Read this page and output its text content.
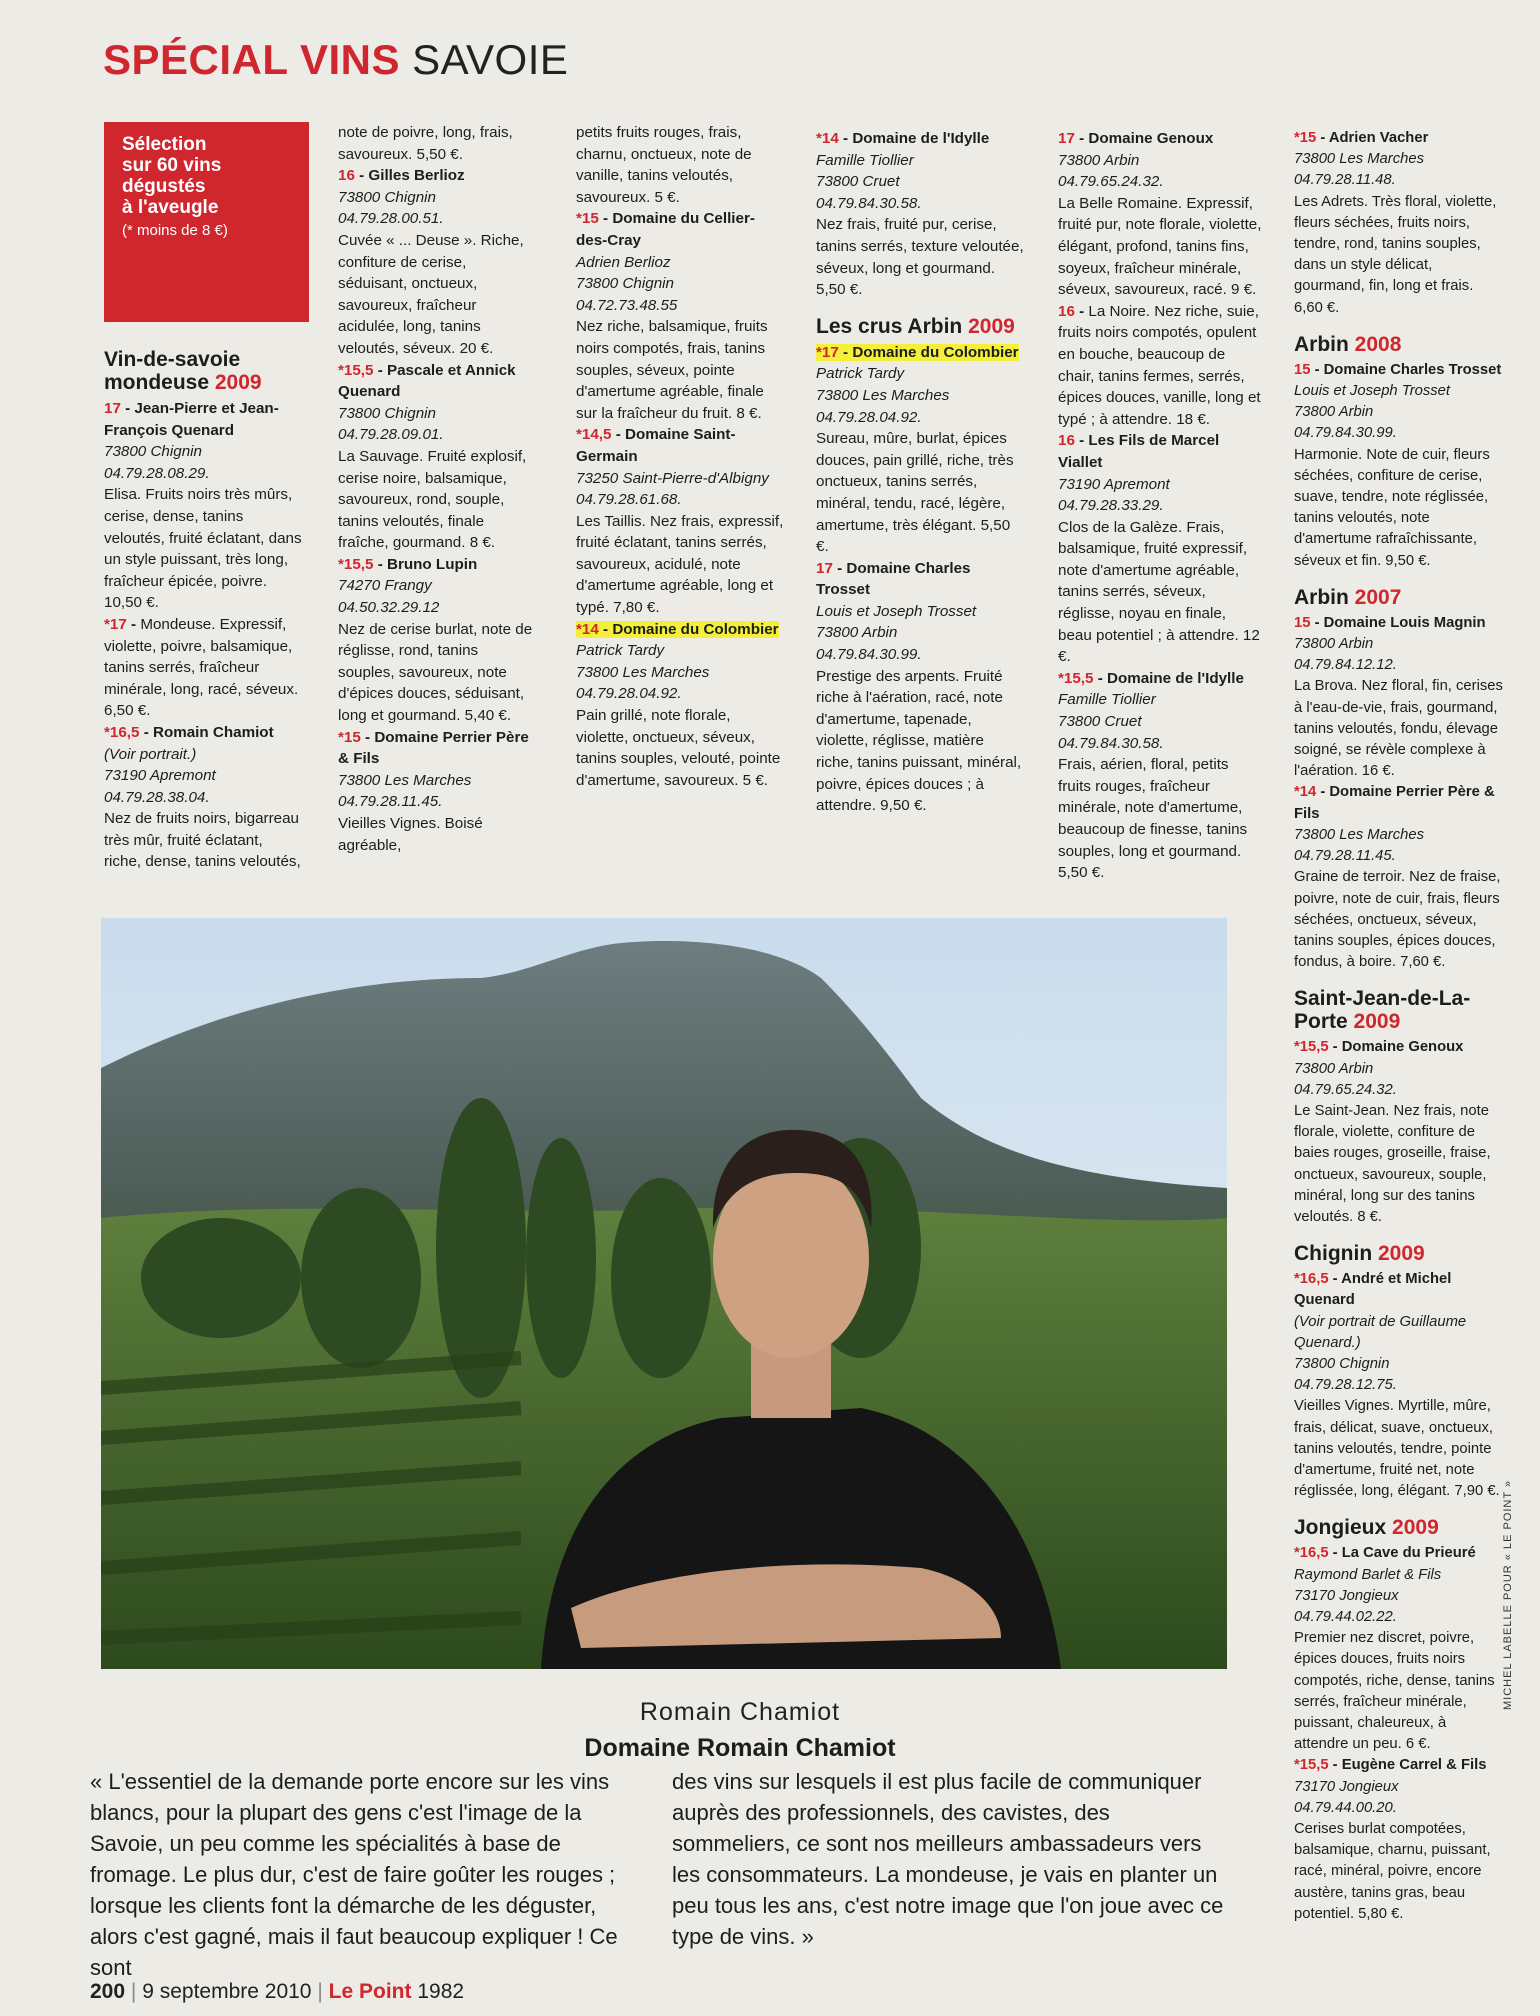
SPÉCIAL VINS SAVOIE
Sélection
sur 60 vins
dégustés
à l'aveugle
(* moins de 8 €)
Vin-de-savoie mondeuse 2009
17 - Jean-Pierre et Jean-François Quenard
73800 Chignin
04.79.28.08.29.
Elisa. Fruits noirs très mûrs, cerise, dense, tanins veloutés, fruité éclatant, dans un style puissant, très long, fraîcheur épicée, poivre. 10,50 €.
*17 - Mondeuse. Expressif, violette, poivre, balsamique, tanins serrés, fraîcheur minérale, long, racé, séveux. 6,50 €.
*16,5 - Romain Chamiot
(Voir portrait.)
73190 Apremont
04.79.28.38.04.
Nez de fruits noirs, bigarreau très mûr, fruité éclatant, riche, dense, tanins veloutés,

note de poivre, long, frais, savoureux. 5,50 €.

16 - Gilles Berlioz
73800 Chignin
04.79.28.00.51.
Cuvée « ... Deuse ». Riche, confiture de cerise, séduisant, onctueux, savoureux, fraîcheur acidulée, long, tanins veloutés, séveux. 20 €.
*15,5 - Pascale et Annick Quenard
73800 Chignin
04.79.28.09.01.
La Sauvage. Fruité explosif, cerise noire, balsamique, savoureux, rond, souple, tanins veloutés, finale fraîche, gourmand. 8 €.
*15,5 - Bruno Lupin
74270 Frangy
04.50.32.29.12
Nez de cerise burlat, note de réglisse, rond, tanins souples, savoureux, note d'épices douces, séduisant, long et gourmand. 5,40 €.
*15 - Domaine Perrier Père & Fils
73800 Les Marches
04.79.28.11.45.
Vieilles Vignes. Boisé agréable,

petits fruits rouges, frais, charnu, onctueux, note de vanille, tanins veloutés, savoureux. 5 €.

*15 - Domaine du Cellier-des-Cray
Adrien Berlioz
73800 Chignin
04.72.73.48.55
Nez riche, balsamique, fruits noirs compotés, frais, tanins souples, séveux, pointe d'amertume agréable, finale sur la fraîcheur du fruit. 8 €.
*14,5 - Domaine Saint-Germain
73250 Saint-Pierre-d'Albigny
04.79.28.61.68.
Les Taillis. Nez frais, expressif, fruité éclatant, tanins serrés, savoureux, acidulé, note d'amertume agréable, long et typé. 7,80 €.
*14 - Domaine du Colombier
Patrick Tardy
73800 Les Marches
04.79.28.04.92.
Pain grillé, note florale, violette, onctueux, séveux, tanins souples, velouté, pointe d'amertume, savoureux. 5 €.
*14 - Domaine de l'Idylle
Famille Tiollier
73800 Cruet
04.79.84.30.58.
Nez frais, fruité pur, cerise, tanins serrés, texture veloutée, séveux, long et gourmand. 5,50 €.
Les crus Arbin 2009
*17 - Domaine du Colombier
Patrick Tardy
73800 Les Marches
04.79.28.04.92.
Sureau, mûre, burlat, épices douces, pain grillé, riche, très onctueux, tanins serrés, minéral, tendu, racé, légère, amertume, très élégant. 5,50 €.
17 - Domaine Charles Trosset
Louis et Joseph Trosset
73800 Arbin
04.79.84.30.99.
Prestige des arpents. Fruité riche à l'aération, racé, note d'amertume, tapenade, violette, réglisse, matière riche, tanins puissant, minéral, poivre, épices douces ; à attendre. 9,50 €.
17 - Domaine Genoux
73800 Arbin
04.79.65.24.32.
La Belle Romaine. Expressif, fruité pur, note florale, violette, élégant, profond, tanins fins, soyeux, fraîcheur minérale, séveux, savoureux, racé. 9 €.
16 - La Noire. Nez riche, suie, fruits noirs compotés, opulent en bouche, beaucoup de chair, tanins fermes, serrés, épices douces, vanille, long et typé ; à attendre. 18 €.
16 - Les Fils de Marcel Viallet
73190 Apremont
04.79.28.33.29.
Clos de la Galèze. Frais, balsamique, fruité expressif, note d'amertume agréable, tanins serrés, séveux, réglisse, noyau en finale, beau potentiel ; à attendre. 12 €.
*15,5 - Domaine de l'Idylle
Famille Tiollier
73800 Cruet
04.79.84.30.58.
Frais, aérien, floral, petits fruits rouges, fraîcheur minérale, note d'amertume, beaucoup de finesse, tanins souples, long et gourmand. 5,50 €.
*15 - Adrien Vacher
73800 Les Marches
04.79.28.11.48.
Les Adrets. Très floral, violette, fleurs séchées, fruits noirs, tendre, rond, tanins souples, dans un style délicat, gourmand, fin, long et frais. 6,60 €.
Arbin 2008
15 - Domaine Charles Trosset
Louis et Joseph Trosset
73800 Arbin
04.79.84.30.99.
Harmonie. Note de cuir, fleurs séchées, confiture de cerise, suave, tendre, note réglissée, tanins veloutés, note d'amertume rafraîchissante, séveux et fin. 9,50 €.
Arbin 2007
15 - Domaine Louis Magnin
73800 Arbin
04.79.84.12.12.
La Brova. Nez floral, fin, cerises à l'eau-de-vie, frais, gourmand, tanins veloutés, fondu, élevage soigné, se révèle complexe à l'aération. 16 €.
*14 - Domaine Perrier Père & Fils
73800 Les Marches
04.79.28.11.45.
Graine de terroir. Nez de fraise, poivre, note de cuir, frais, fleurs séchées, onctueux, séveux, tanins souples, épices douces, fondus, à boire. 7,60 €.
Saint-Jean-de-La-Porte 2009
*15,5 - Domaine Genoux
73800 Arbin
04.79.65.24.32.
Le Saint-Jean. Nez frais, note florale, violette, confiture de baies rouges, groseille, fraise, onctueux, savoureux, souple, minéral, long sur des tanins veloutés. 8 €.
Chignin 2009
*16,5 - André et Michel Quenard
(Voir portrait de Guillaume Quenard.)
73800 Chignin
04.79.28.12.75.
Vieilles Vignes. Myrtille, mûre, frais, délicat, suave, onctueux, tanins veloutés, tendre, pointe d'amertume, fruité net, note réglissée, long, élégant. 7,90 €.
Jongieux 2009
*16,5 - La Cave du Prieuré
Raymond Barlet & Fils
73170 Jongieux
04.79.44.02.22.
Premier nez discret, poivre, épices douces, fruits noirs compotés, riche, dense, tanins serrés, fraîcheur minérale, puissant, chaleureux, à attendre un peu. 6 €.
*15,5 - Eugène Carrel & Fils
73170 Jongieux
04.79.44.00.20.
Cerises burlat compotées, balsamique, charnu, puissant, racé, minéral, poivre, encore austère, tanins gras, beau potentiel. 5,80 €.
Romain Chamiot
Domaine Romain Chamiot
« L'essentiel de la demande porte encore sur les vins blancs, pour la plupart des gens c'est l'image de la Savoie, un peu comme les spécialités à base de fromage. Le plus dur, c'est de faire goûter les rouges ; lorsque les clients font la démarche de les déguster, alors c'est gagné, mais il faut beaucoup expliquer ! Ce sont
des vins sur lesquels il est plus facile de communiquer auprès des professionnels, des cavistes, des sommeliers, ce sont nos meilleurs ambassadeurs vers les consommateurs. La mondeuse, je vais en planter un peu tous les ans, c'est notre image que l'on joue avec ce type de vins. »
200 | 9 septembre 2010 | Le Point 1982
MICHEL LABELLE POUR « LE POINT »
